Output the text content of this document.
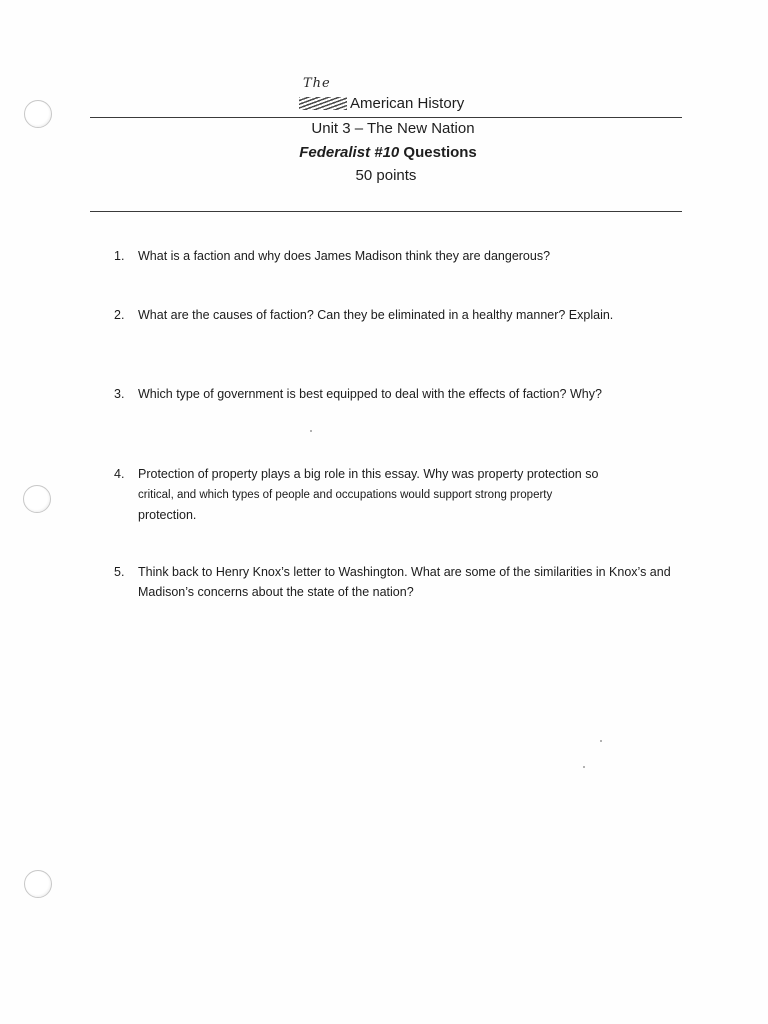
The
American History
Unit 3 – The New Nation
Federalist #10 Questions
50 points
1.	What is a faction and why does James Madison think they are dangerous?
2.	What are the causes of faction? Can they be eliminated in a healthy manner? Explain.
3.	Which type of government is best equipped to deal with the effects of faction? Why?
4.	Protection of property plays a big role in this essay. Why was property protection so
critical, and which types of people and occupations would support strong property
protection.
5.	Think back to Henry Knox’s letter to Washington. What are some of the similarities in Knox’s and Madison’s concerns about the state of the nation?
